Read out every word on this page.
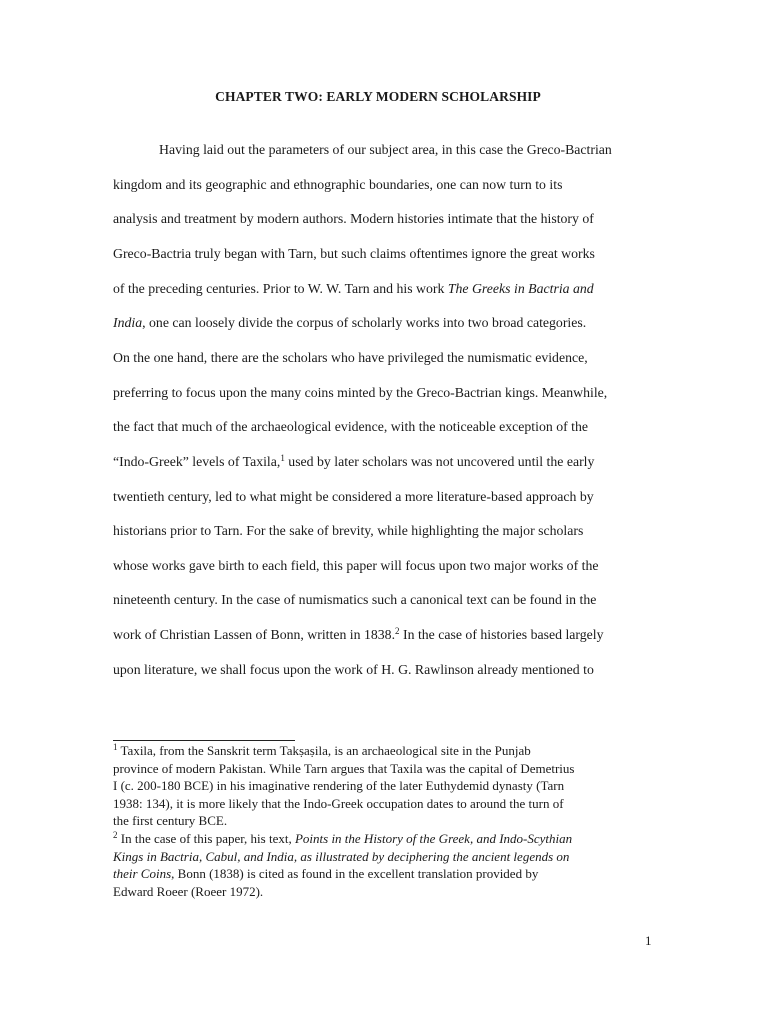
CHAPTER TWO: EARLY MODERN SCHOLARSHIP
Having laid out the parameters of our subject area, in this case the Greco-Bactrian
kingdom and its geographic and ethnographic boundaries, one can now turn to its
analysis and treatment by modern authors. Modern histories intimate that the history of
Greco-Bactria truly began with Tarn, but such claims oftentimes ignore the great works
of the preceding centuries. Prior to W. W. Tarn and his work The Greeks in Bactria and
India, one can loosely divide the corpus of scholarly works into two broad categories.
On the one hand, there are the scholars who have privileged the numismatic evidence,
preferring to focus upon the many coins minted by the Greco-Bactrian kings. Meanwhile,
the fact that much of the archaeological evidence, with the noticeable exception of the
“Indo-Greek” levels of Taxila,$^1$ used by later scholars was not uncovered until the early
twentieth century, led to what might be considered a more literature-based approach by
historians prior to Tarn. For the sake of brevity, while highlighting the major scholars
whose works gave birth to each field, this paper will focus upon two major works of the
nineteenth century. In the case of numismatics such a canonical text can be found in the
work of Christian Lassen of Bonn, written in 1838.$^2$ In the case of histories based largely
upon literature, we shall focus upon the work of H. G. Rawlinson already mentioned to
$^1$ Taxila, from the Sanskrit term Takṣaṣila, is an archaeological site in the Punjab
province of modern Pakistan. While Tarn argues that Taxila was the capital of Demetrius
I (c. 200-180 BCE) in his imaginative rendering of the later Euthydemid dynasty (Tarn
1938: 134), it is more likely that the Indo-Greek occupation dates to around the turn of
the first century BCE.
$^2$ In the case of this paper, his text, Points in the History of the Greek, and Indo-Scythian
Kings in Bactria, Cabul, and India, as illustrated by deciphering the ancient legends on
their Coins, Bonn (1838) is cited as found in the excellent translation provided by
Edward Roeer (Roeer 1972).
1
